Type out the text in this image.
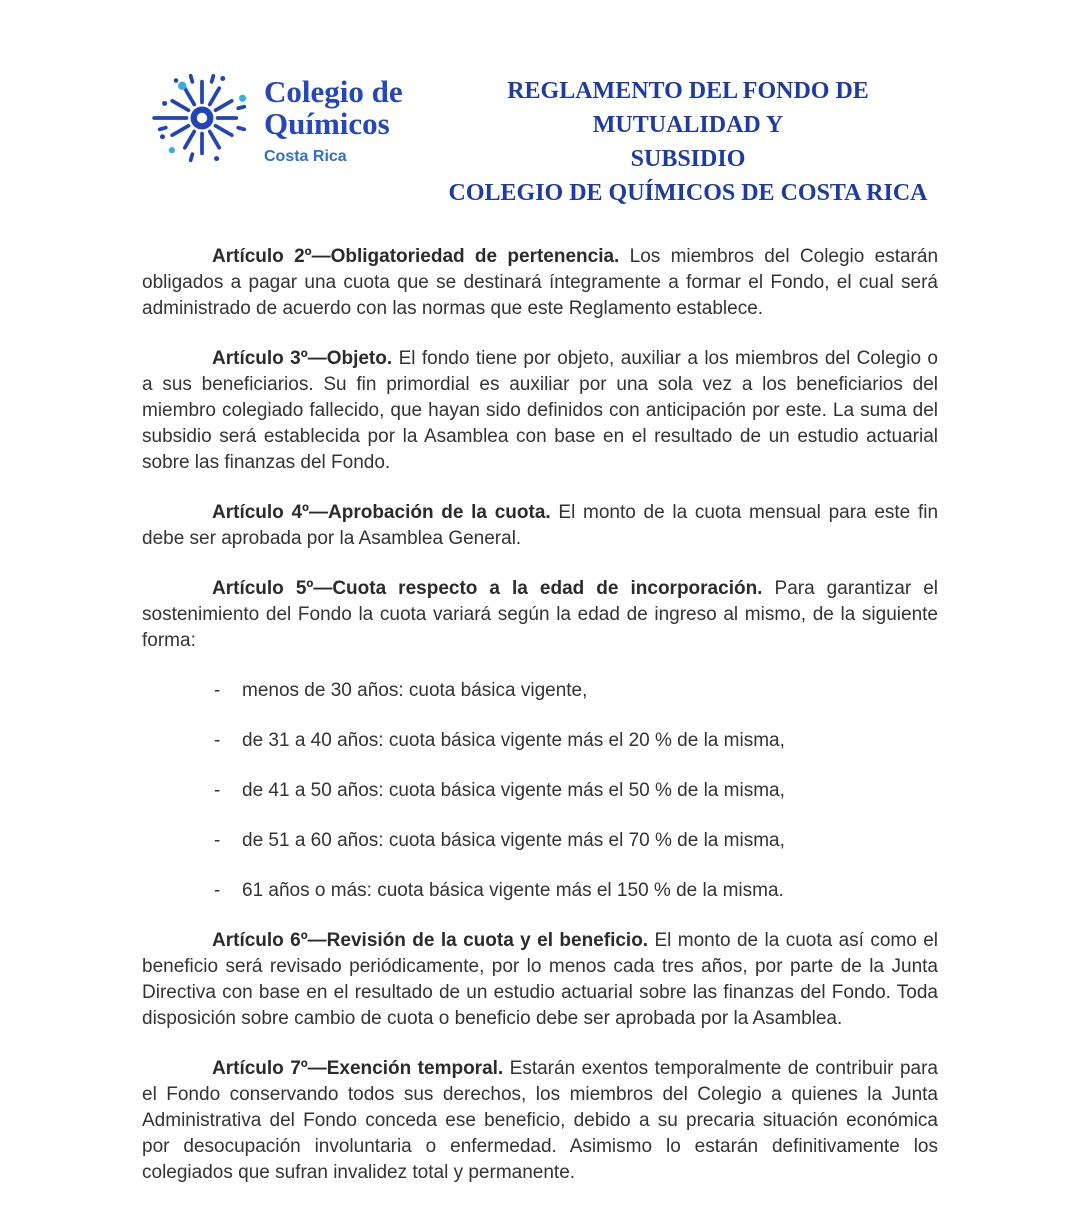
Colegio de
Químicos
Costa Rica
REGLAMENTO DEL FONDO DE MUTUALIDAD Y
SUBSIDIO
COLEGIO DE QUÍMICOS DE COSTA RICA

Artículo 2º—Obligatoriedad de pertenencia. Los miembros del Colegio estarán obligados a pagar una cuota que se destinará íntegramente a formar el Fondo, el cual será administrado de acuerdo con las normas que este Reglamento establece.

Artículo 3º—Objeto. El fondo tiene por objeto, auxiliar a los miembros del Colegio o a sus beneficiarios. Su fin primordial es auxiliar por una sola vez a los beneficiarios del miembro colegiado fallecido, que hayan sido definidos con anticipación por este. La suma del subsidio será establecida por la Asamblea con base en el resultado de un estudio actuarial sobre las finanzas del Fondo.

Artículo 4º—Aprobación de la cuota. El monto de la cuota mensual para este fin debe ser aprobada por la Asamblea General.

Artículo 5º—Cuota respecto a la edad de incorporación. Para garantizar el sostenimiento del Fondo la cuota variará según la edad de ingreso al mismo, de la siguiente forma:

-	menos de 30 años: cuota básica vigente,
-	de 31 a 40 años: cuota básica vigente más el 20 % de la misma,
-	de 41 a 50 años: cuota básica vigente más el 50 % de la misma,
-	de 51 a 60 años: cuota básica vigente más el 70 % de la misma,
-	61 años o más: cuota básica vigente más el 150 % de la misma.

Artículo 6º—Revisión de la cuota y el beneficio. El monto de la cuota así como el beneficio será revisado periódicamente, por lo menos cada tres años, por parte de la Junta Directiva con base en el resultado de un estudio actuarial sobre las finanzas del Fondo. Toda disposición sobre cambio de cuota o beneficio debe ser aprobada por la Asamblea.

Artículo 7º—Exención temporal. Estarán exentos temporalmente de contribuir para el Fondo conservando todos sus derechos, los miembros del Colegio a quienes la Junta Administrativa del Fondo conceda ese beneficio, debido a su precaria situación económica por desocupación involuntaria o enfermedad. Asimismo lo estarán definitivamente los colegiados que sufran invalidez total y permanente.
